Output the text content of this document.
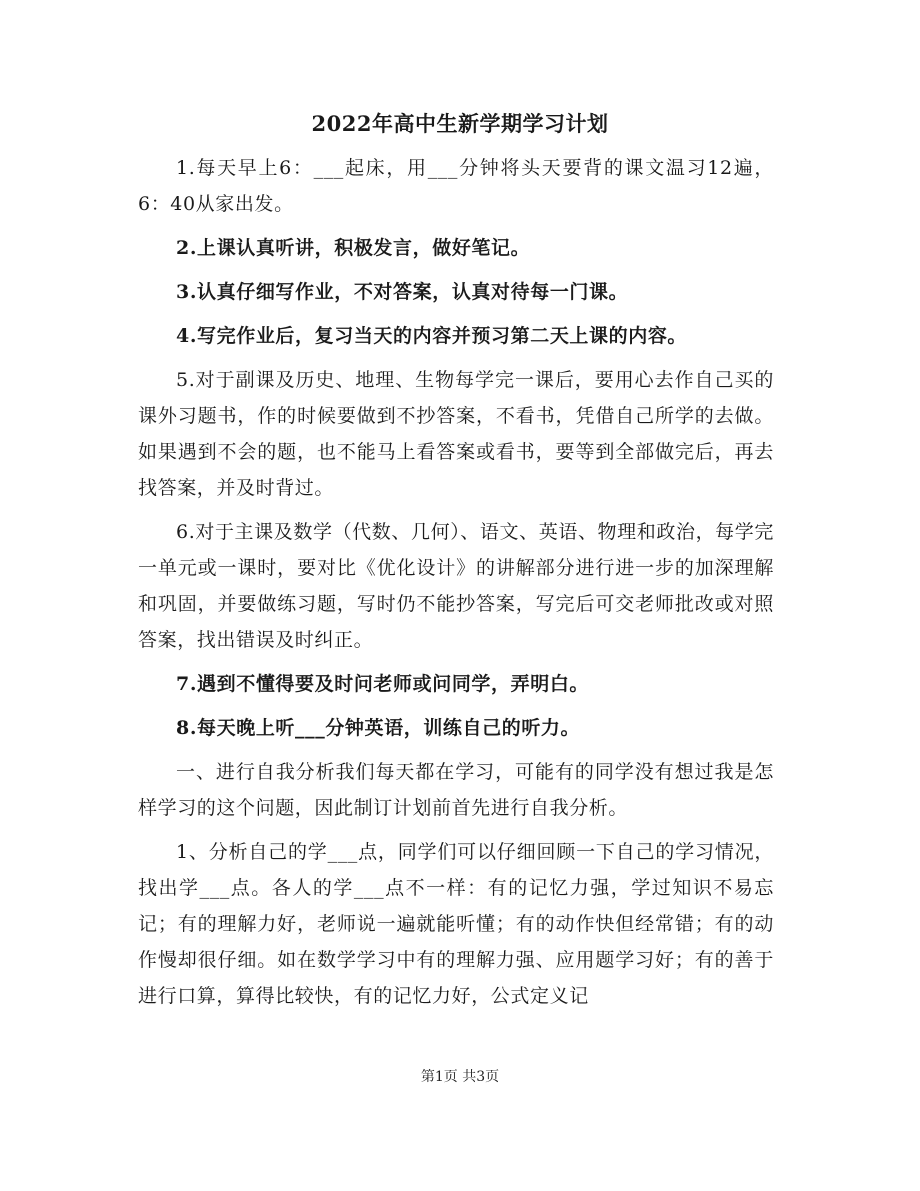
2022年高中生新学期学习计划

1.每天早上6：___起床，用___分钟将头天要背的课文温习12遍，6：40从家出发。

2.上课认真听讲，积极发言，做好笔记。

3.认真仔细写作业，不对答案，认真对待每一门课。

4.写完作业后，复习当天的内容并预习第二天上课的内容。

5.对于副课及历史、地理、生物每学完一课后，要用心去作自己买的课外习题书，作的时候要做到不抄答案，不看书，凭借自己所学的去做。如果遇到不会的题，也不能马上看答案或看书，要等到全部做完后，再去找答案，并及时背过。

6.对于主课及数学（代数、几何）、语文、英语、物理和政治，每学完一单元或一课时，要对比《优化设计》的讲解部分进行进一步的加深理解和巩固，并要做练习题，写时仍不能抄答案，写完后可交老师批改或对照答案，找出错误及时纠正。

7.遇到不懂得要及时问老师或问同学，弄明白。

8.每天晚上听___分钟英语，训练自己的听力。

一、进行自我分析我们每天都在学习，可能有的同学没有想过我是怎样学习的这个问题，因此制订计划前首先进行自我分析。

1、分析自己的学___点，同学们可以仔细回顾一下自己的学习情况，找出学___点。各人的学___点不一样：有的记忆力强，学过知识不易忘记；有的理解力好，老师说一遍就能听懂；有的动作快但经常错；有的动作慢却很仔细。如在数学学习中有的理解力强、应用题学习好；有的善于进行口算，算得比较快，有的记忆力好，公式定义记

第1页 共3页
